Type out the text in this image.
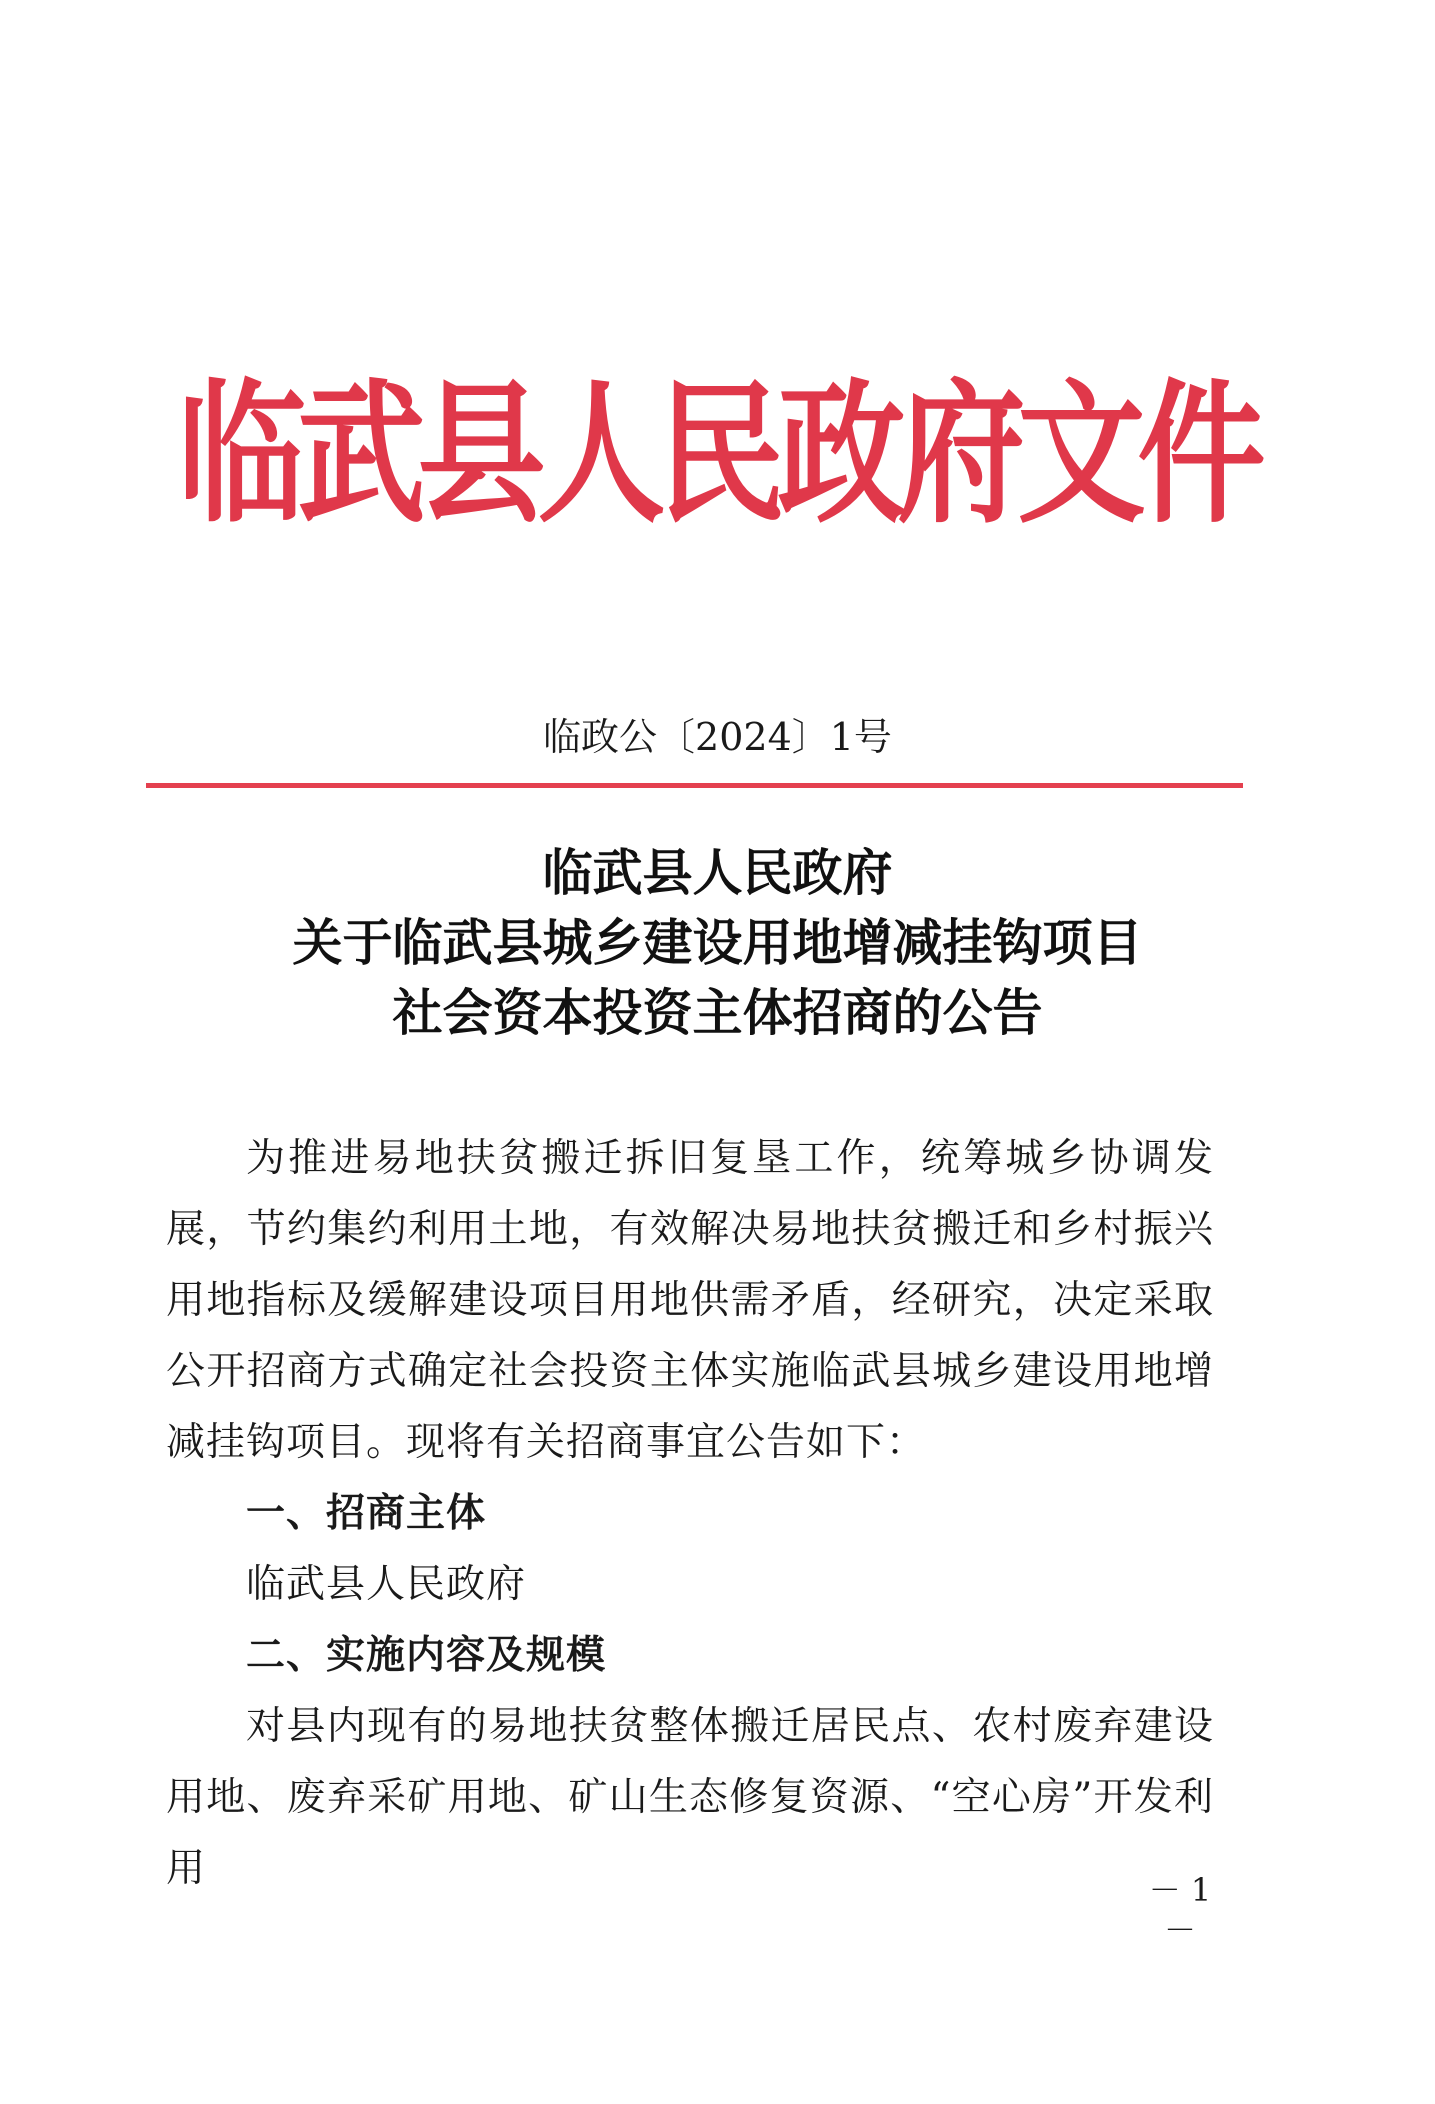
临武县人民政府文件
临政公〔2024〕1号
临武县人民政府
关于临武县城乡建设用地增减挂钩项目
社会资本投资主体招商的公告

为推进易地扶贫搬迁拆旧复垦工作，统筹城乡协调发展，节约集约利用土地，有效解决易地扶贫搬迁和乡村振兴用地指标及缓解建设项目用地供需矛盾，经研究，决定采取公开招商方式确定社会投资主体实施临武县城乡建设用地增减挂钩项目。现将有关招商事宜公告如下：

一、招商主体

临武县人民政府

二、实施内容及规模

对县内现有的易地扶贫整体搬迁居民点、农村废弃建设用地、废弃采矿用地、矿山生态修复资源、“空心房”开发利用	－ 1 －
